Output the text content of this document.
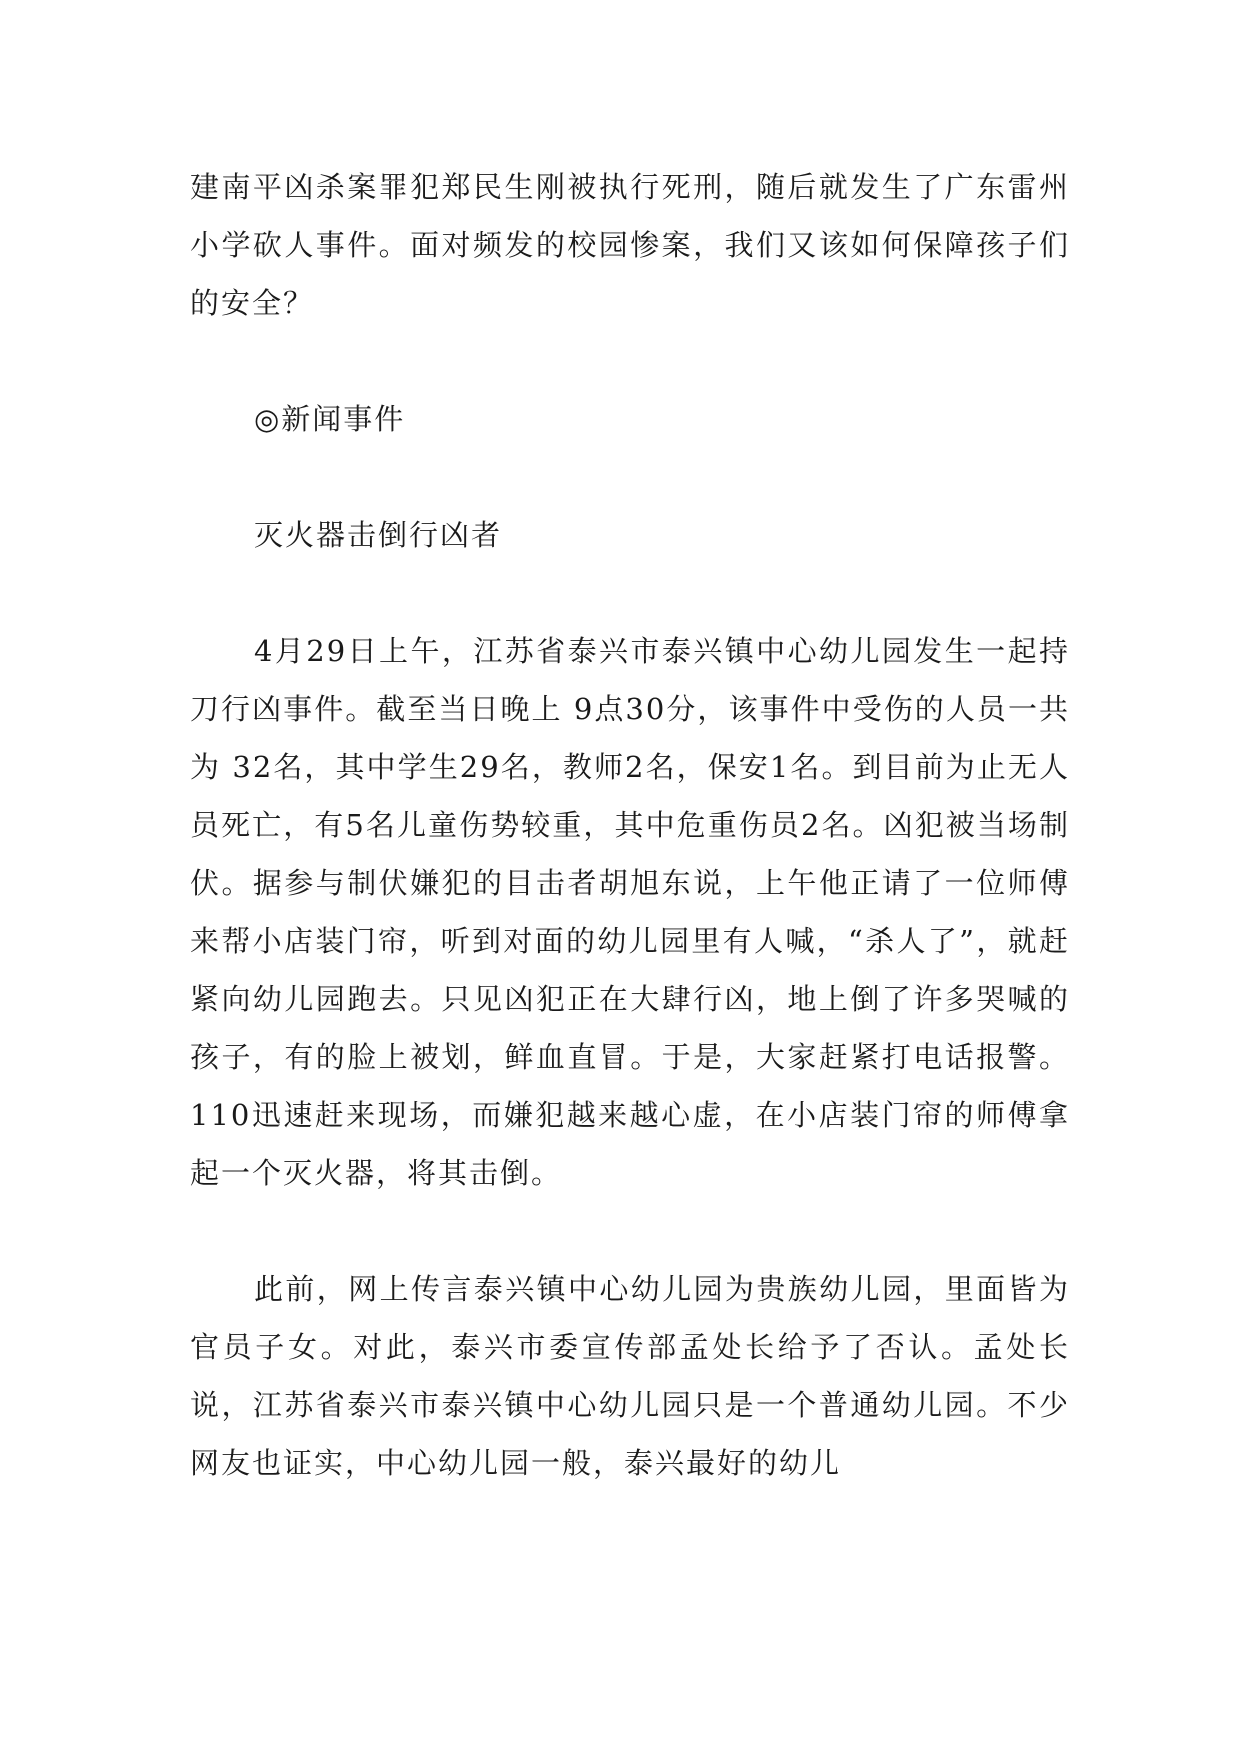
建南平凶杀案罪犯郑民生刚被执行死刑，随后就发生了广东雷州小学砍人事件。面对频发的校园惨案，我们又该如何保障孩子们的安全？

◎新闻事件

灭火器击倒行凶者

4月29日上午，江苏省泰兴市泰兴镇中心幼儿园发生一起持刀行凶事件。截至当日晚上 9点30分，该事件中受伤的人员一共为 32名，其中学生29名，教师2名，保安1名。到目前为止无人员死亡，有5名儿童伤势较重，其中危重伤员2名。凶犯被当场制伏。据参与制伏嫌犯的目击者胡旭东说，上午他正请了一位师傅来帮小店装门帘，听到对面的幼儿园里有人喊，“杀人了”，就赶紧向幼儿园跑去。只见凶犯正在大肆行凶，地上倒了许多哭喊的孩子，有的脸上被划，鲜血直冒。于是，大家赶紧打电话报警。110迅速赶来现场，而嫌犯越来越心虚，在小店装门帘的师傅拿起一个灭火器，将其击倒。

此前，网上传言泰兴镇中心幼儿园为贵族幼儿园，里面皆为官员子女。对此，泰兴市委宣传部孟处长给予了否认。孟处长说，江苏省泰兴市泰兴镇中心幼儿园只是一个普通幼儿园。不少网友也证实，中心幼儿园一般，泰兴最好的幼儿
